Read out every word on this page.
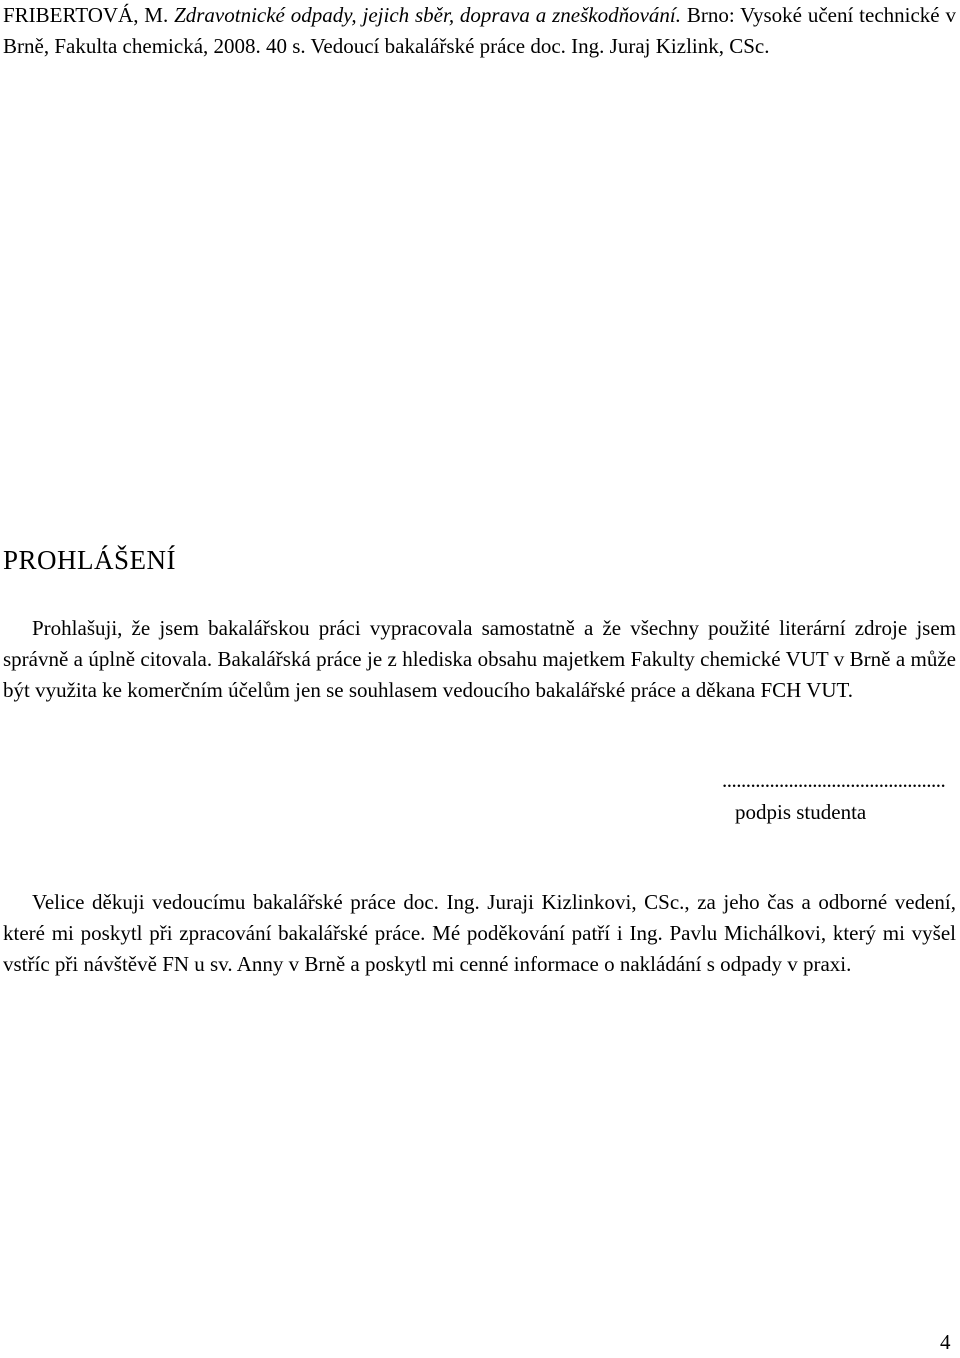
FRIBERTOVÁ, M. Zdravotnické odpady, jejich sběr, doprava a zneškodňování. Brno: Vysoké učení technické v Brně, Fakulta chemická, 2008. 40 s. Vedoucí bakalářské práce doc. Ing. Juraj Kizlink, CSc.

PROHLÁŠENÍ

Prohlašuji, že jsem bakalářskou práci vypracovala samostatně a že všechny použité literární zdroje jsem správně a úplně citovala. Bakalářská práce je z hlediska obsahu majetkem Fakulty chemické VUT v Brně a může být využita ke komerčním účelům jen se souhlasem vedoucího bakalářské práce a děkana FCH VUT.

...............................................
podpis studenta

Velice děkuji vedoucímu bakalářské práce doc. Ing. Juraji Kizlinkovi, CSc., za jeho čas a odborné vedení, které mi poskytl při zpracování bakalářské práce. Mé poděkování patří i Ing. Pavlu Michálkovi, který mi vyšel vstříc při návštěvě FN u sv. Anny v Brně a poskytl mi cenné informace o nakládání s odpady v praxi.

4
